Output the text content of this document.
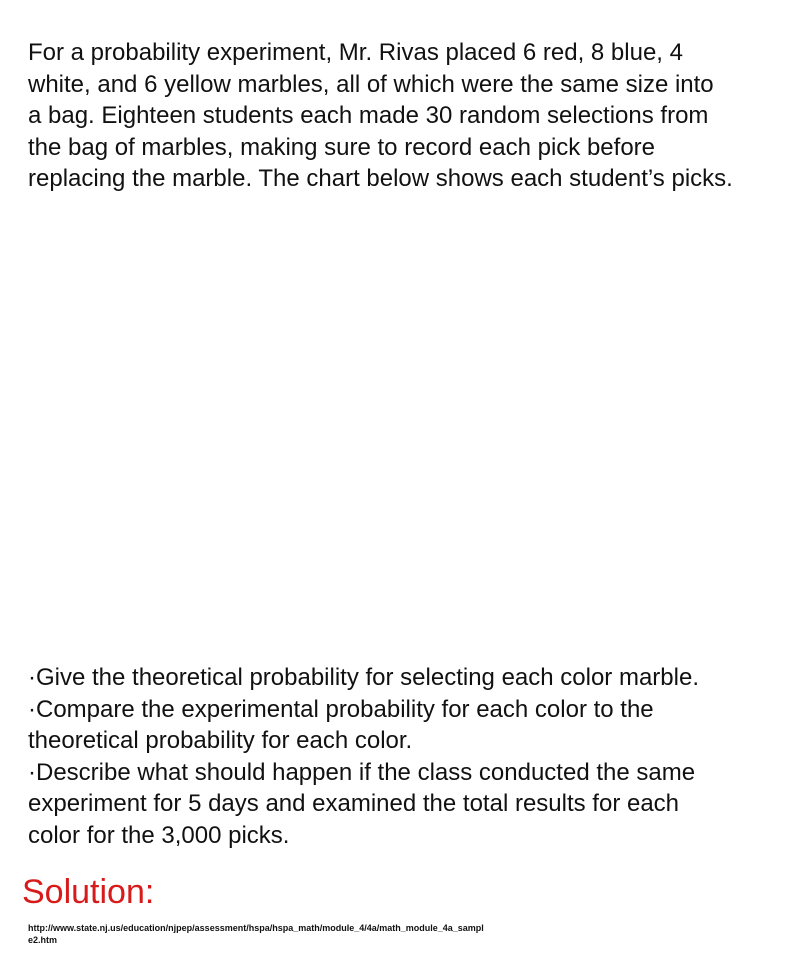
For a probability experiment, Mr. Rivas placed 6 red, 8 blue, 4
white, and 6 yellow marbles, all of which were the same size into
a bag. Eighteen students each made 30 random selections from
the bag of marbles, making sure to record each pick before
replacing the marble. The chart below shows each student’s picks.

·Give the theoretical probability for selecting each color marble.
·Compare the experimental probability for each color to the
theoretical probability for each color.
·Describe what should happen if the class conducted the same
experiment for 5 days and examined the total results for each
color for the 3,000 picks.
Solution:

http://www.state.nj.us/education/njpep/assessment/hspa/hspa_math/module_4/4a/math_module_4a_sampl
e2.htm
